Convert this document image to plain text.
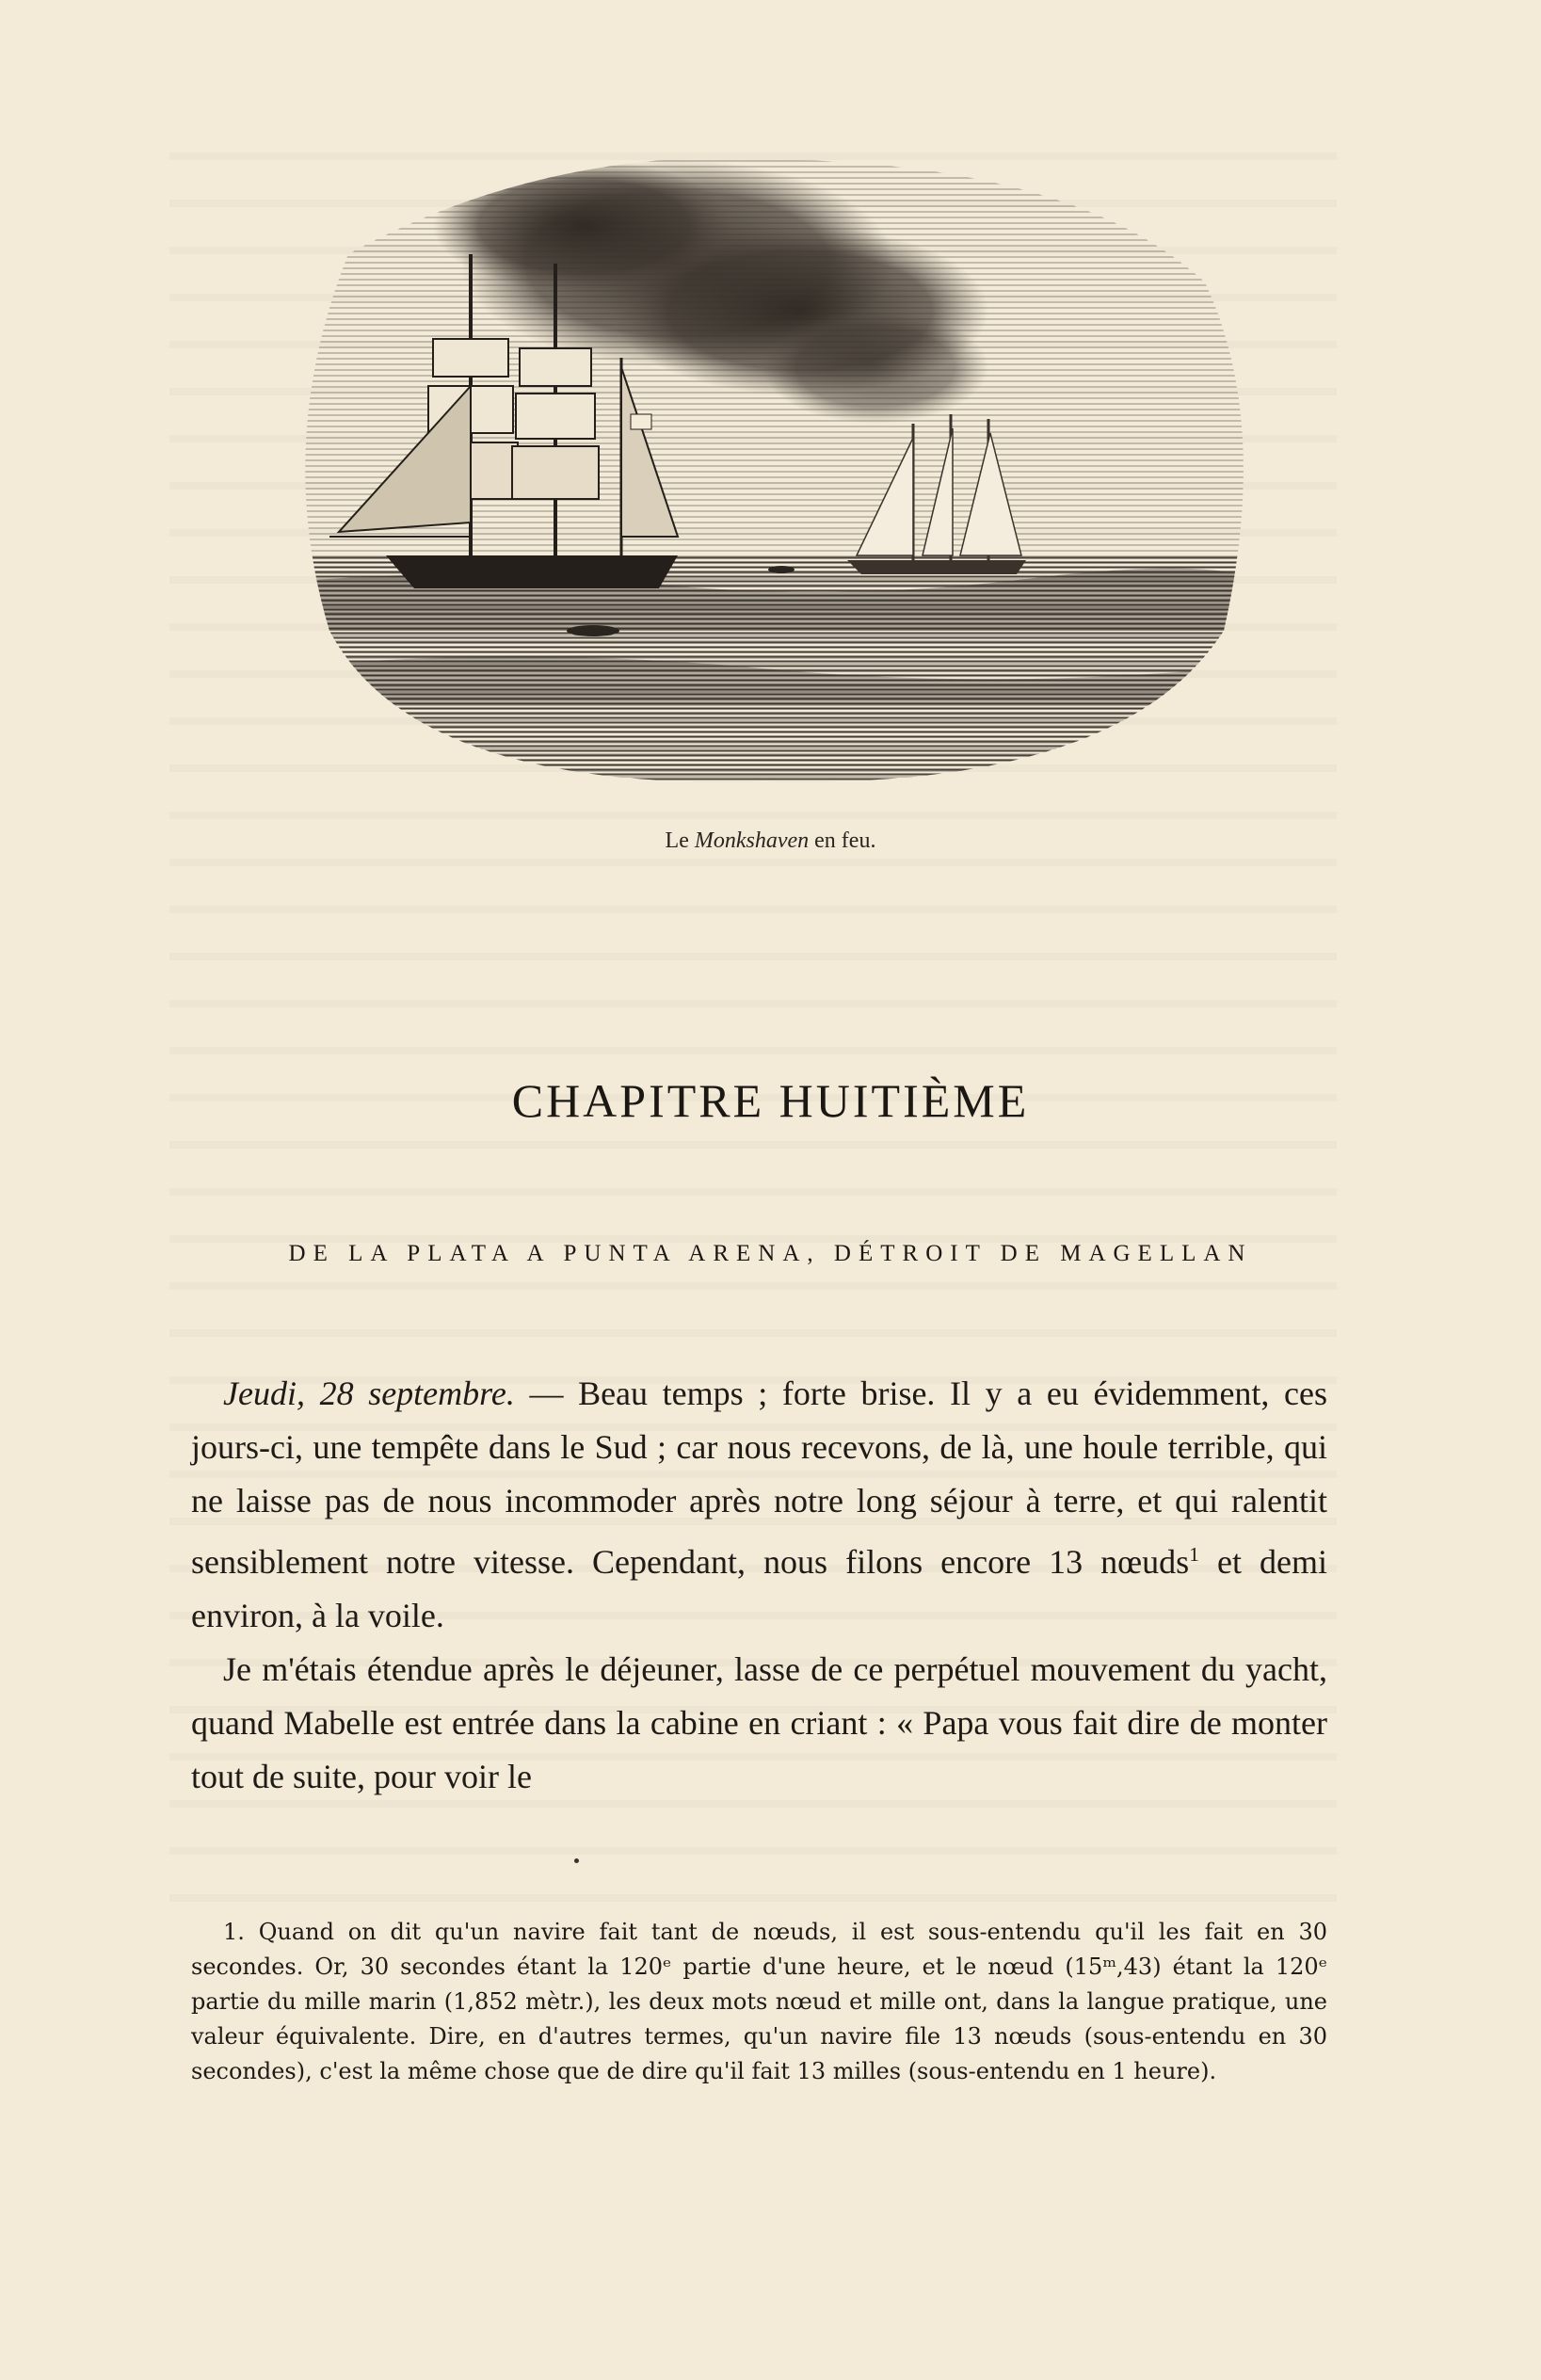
Le Monkshaven en feu.
CHAPITRE HUITIÈME
DE LA PLATA A PUNTA ARENA, DÉTROIT DE MAGELLAN

Jeudi, 28 septembre. — Beau temps ; forte brise. Il y a eu évidemment, ces jours-ci, une tempête dans le Sud ; car nous recevons, de là, une houle terrible, qui ne laisse pas de nous incommoder après notre long séjour à terre, et qui ralentit sensiblement notre vitesse. Cependant, nous filons encore 13 nœuds$^1$ et demi environ, à la voile.

Je m'étais étendue après le déjeuner, lasse de ce perpétuel mouvement du yacht, quand Mabelle est entrée dans la cabine en criant : « Papa vous fait dire de monter tout de suite, pour voir le

1. Quand on dit qu'un navire fait tant de nœuds, il est sous-entendu qu'il les fait en 30 secondes. Or, 30 secondes étant la 120ᵉ partie d'une heure, et le nœud (15ᵐ,43) étant la 120ᵉ partie du mille marin (1,852 mètr.), les deux mots nœud et mille ont, dans la langue pratique, une valeur équivalente. Dire, en d'autres termes, qu'un navire file 13 nœuds (sous-entendu en 30 secondes), c'est la même chose que de dire qu'il fait 13 milles (sous-entendu en 1 heure).
